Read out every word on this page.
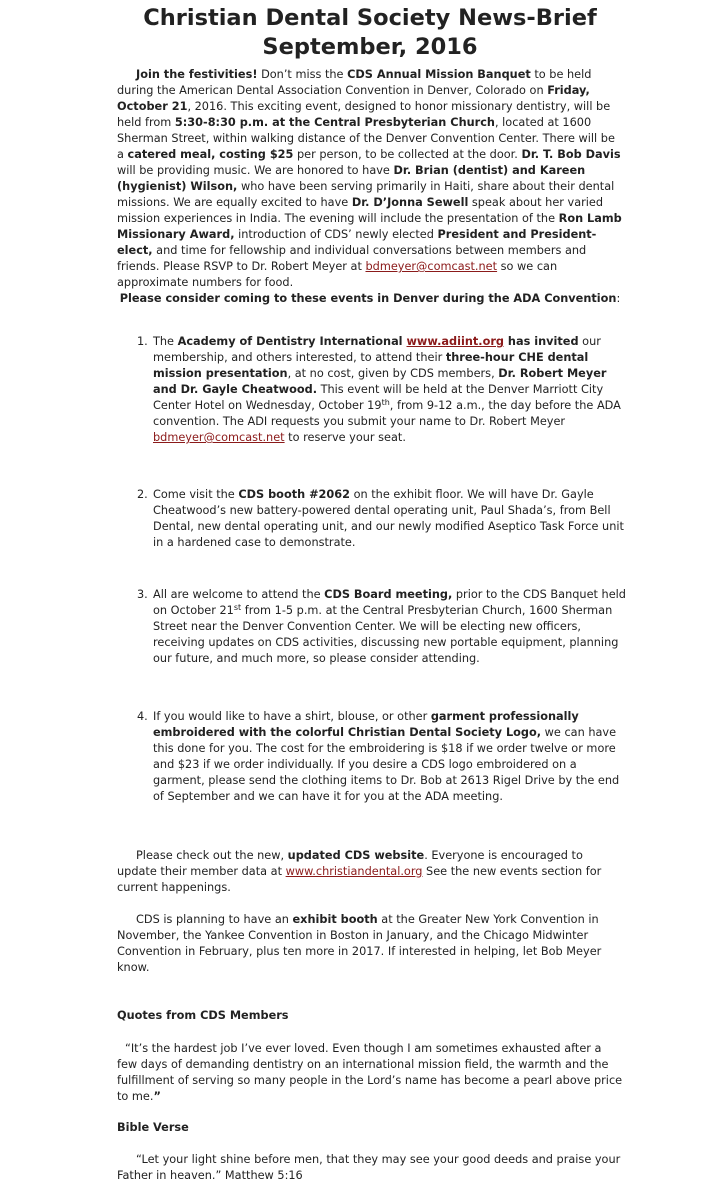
Christian Dental Society News-Brief
September, 2016

Join the festivities! Don’t miss the CDS Annual Mission Banquet to be held during the American Dental Association Convention in Denver, Colorado on Friday, October 21, 2016. This exciting event, designed to honor missionary dentistry, will be held from 5:30-8:30 p.m. at the Central Presbyterian Church, located at 1600 Sherman Street, within walking distance of the Denver Convention Center. There will be a catered meal, costing $25 per person, to be collected at the door. Dr. T. Bob Davis will be providing music. We are honored to have Dr. Brian (dentist) and Kareen (hygienist) Wilson, who have been serving primarily in Haiti, share about their dental missions. We are equally excited to have Dr. D’Jonna Sewell speak about her varied mission experiences in India. The evening will include the presentation of the Ron Lamb Missionary Award, introduction of CDS’ newly elected President and President-elect, and time for fellowship and individual conversations between members and friends. Please RSVP to Dr. Robert Meyer at bdmeyer@comcast.net so we can approximate numbers for food.

Please consider coming to these events in Denver during the ADA Convention:
1. The Academy of Dentistry International www.adiint.org has invited our membership, and others interested, to attend their three-hour CHE dental mission presentation, at no cost, given by CDS members, Dr. Robert Meyer and Dr. Gayle Cheatwood. This event will be held at the Denver Marriott City Center Hotel on Wednesday, October 19th, from 9-12 a.m., the day before the ADA convention. The ADI requests you submit your name to Dr. Robert Meyer bdmeyer@comcast.net to reserve your seat.
2. Come visit the CDS booth #2062 on the exhibit floor. We will have Dr. Gayle Cheatwood’s new battery-powered dental operating unit, Paul Shada’s, from Bell Dental, new dental operating unit, and our newly modified Aseptico Task Force unit in a hardened case to demonstrate.
3. All are welcome to attend the CDS Board meeting, prior to the CDS Banquet held on October 21st from 1-5 p.m. at the Central Presbyterian Church, 1600 Sherman Street near the Denver Convention Center. We will be electing new officers, receiving updates on CDS activities, discussing new portable equipment, planning our future, and much more, so please consider attending.
4. If you would like to have a shirt, blouse, or other garment professionally embroidered with the colorful Christian Dental Society Logo, we can have this done for you. The cost for the embroidering is $18 if we order twelve or more and $23 if we order individually. If you desire a CDS logo embroidered on a garment, please send the clothing items to Dr. Bob at 2613 Rigel Drive by the end of September and we can have it for you at the ADA meeting.

Please check out the new, updated CDS website. Everyone is encouraged to update their member data at www.christiandental.org See the new events section for current happenings.

CDS is planning to have an exhibit booth at the Greater New York Convention in November, the Yankee Convention in Boston in January, and the Chicago Midwinter Convention in February, plus ten more in 2017. If interested in helping, let Bob Meyer know.

Quotes from CDS Members

“It’s the hardest job I’ve ever loved. Even though I am sometimes exhausted after a few days of demanding dentistry on an international mission field, the warmth and the fulfillment of serving so many people in the Lord’s name has become a pearl above price to me.”

Bible Verse

“Let your light shine before men, that they may see your good deeds and praise your Father in heaven.” Matthew 5:16
